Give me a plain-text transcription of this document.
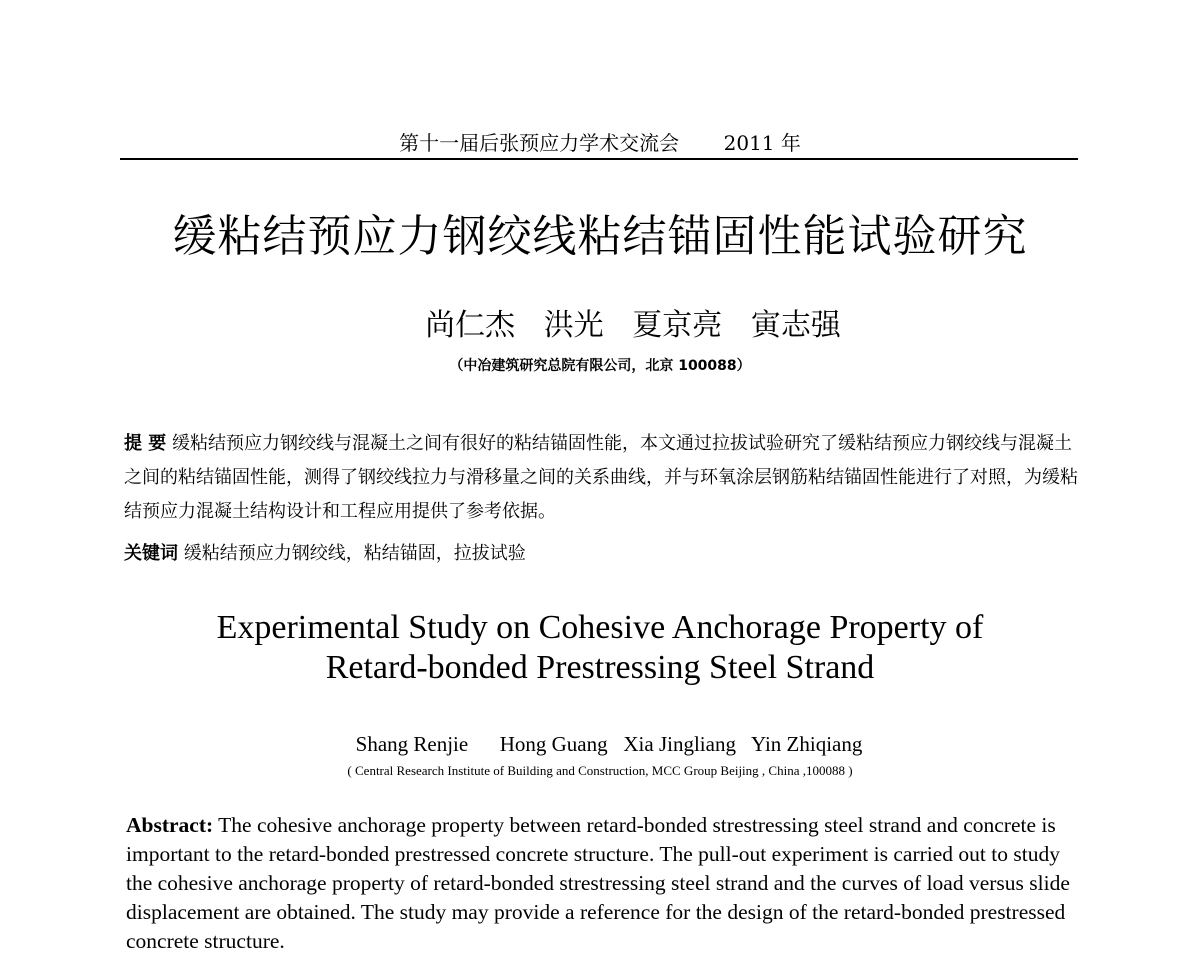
第十一届后张预应力学术交流会 2011 年
缓粘结预应力钢绞线粘结锚固性能试验研究
尚仁杰 洪光 夏京亮 寅志强
（中冶建筑研究总院有限公司，北京 100088）
提 要 缓粘结预应力钢绞线与混凝土之间有很好的粘结锚固性能，本文通过拉拔试验研究了缓粘结预应力钢绞线与混凝土之间的粘结锚固性能，测得了钢绞线拉力与滑移量之间的关系曲线，并与环氧涂层钢筋粘结锚固性能进行了对照，为缓粘结预应力混凝土结构设计和工程应用提供了参考依据。
关键词 缓粘结预应力钢绞线，粘结锚固，拉拔试验
Experimental Study on Cohesive Anchorage Property of
Retard-bonded Prestressing Steel Strand
Shang Renjie Hong Guang Xia Jingliang Yin Zhiqiang
( Central Research Institute of Building and Construction, MCC Group Beijing , China ,100088 )
Abstract: The cohesive anchorage property between retard-bonded strestressing steel strand and concrete is important to the retard-bonded prestressed concrete structure. The pull-out experiment is carried out to study the cohesive anchorage property of retard-bonded strestressing steel strand and the curves of load versus slide displacement are obtained. The study may provide a reference for the design of the retard-bonded prestressed concrete structure.
